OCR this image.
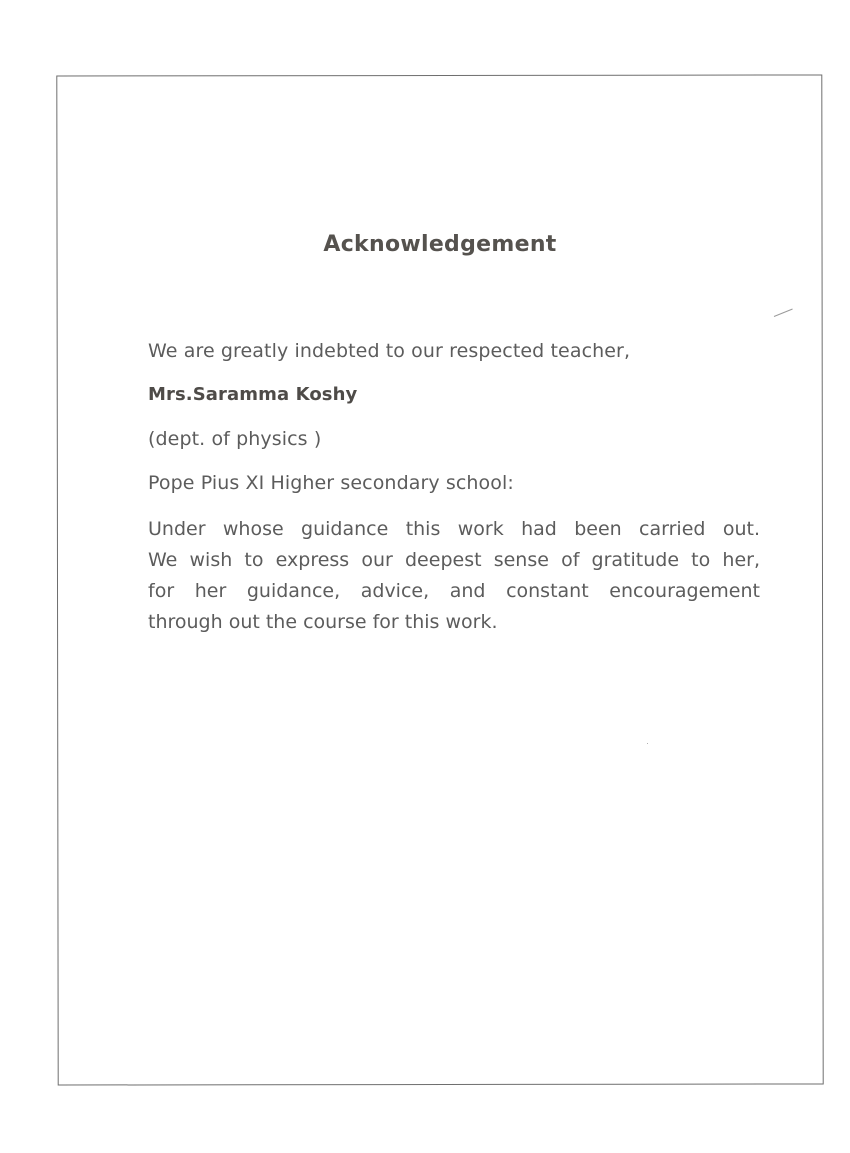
Acknowledgement

We are greatly indebted to our respected teacher,

Mrs.Saramma Koshy

(dept. of physics )

Pope Pius XI Higher secondary school:

Under whose guidance this work had been carried out.
We wish to express our deepest sense of gratitude to her,
for her guidance, advice, and constant encouragement
through out the course for this work.
